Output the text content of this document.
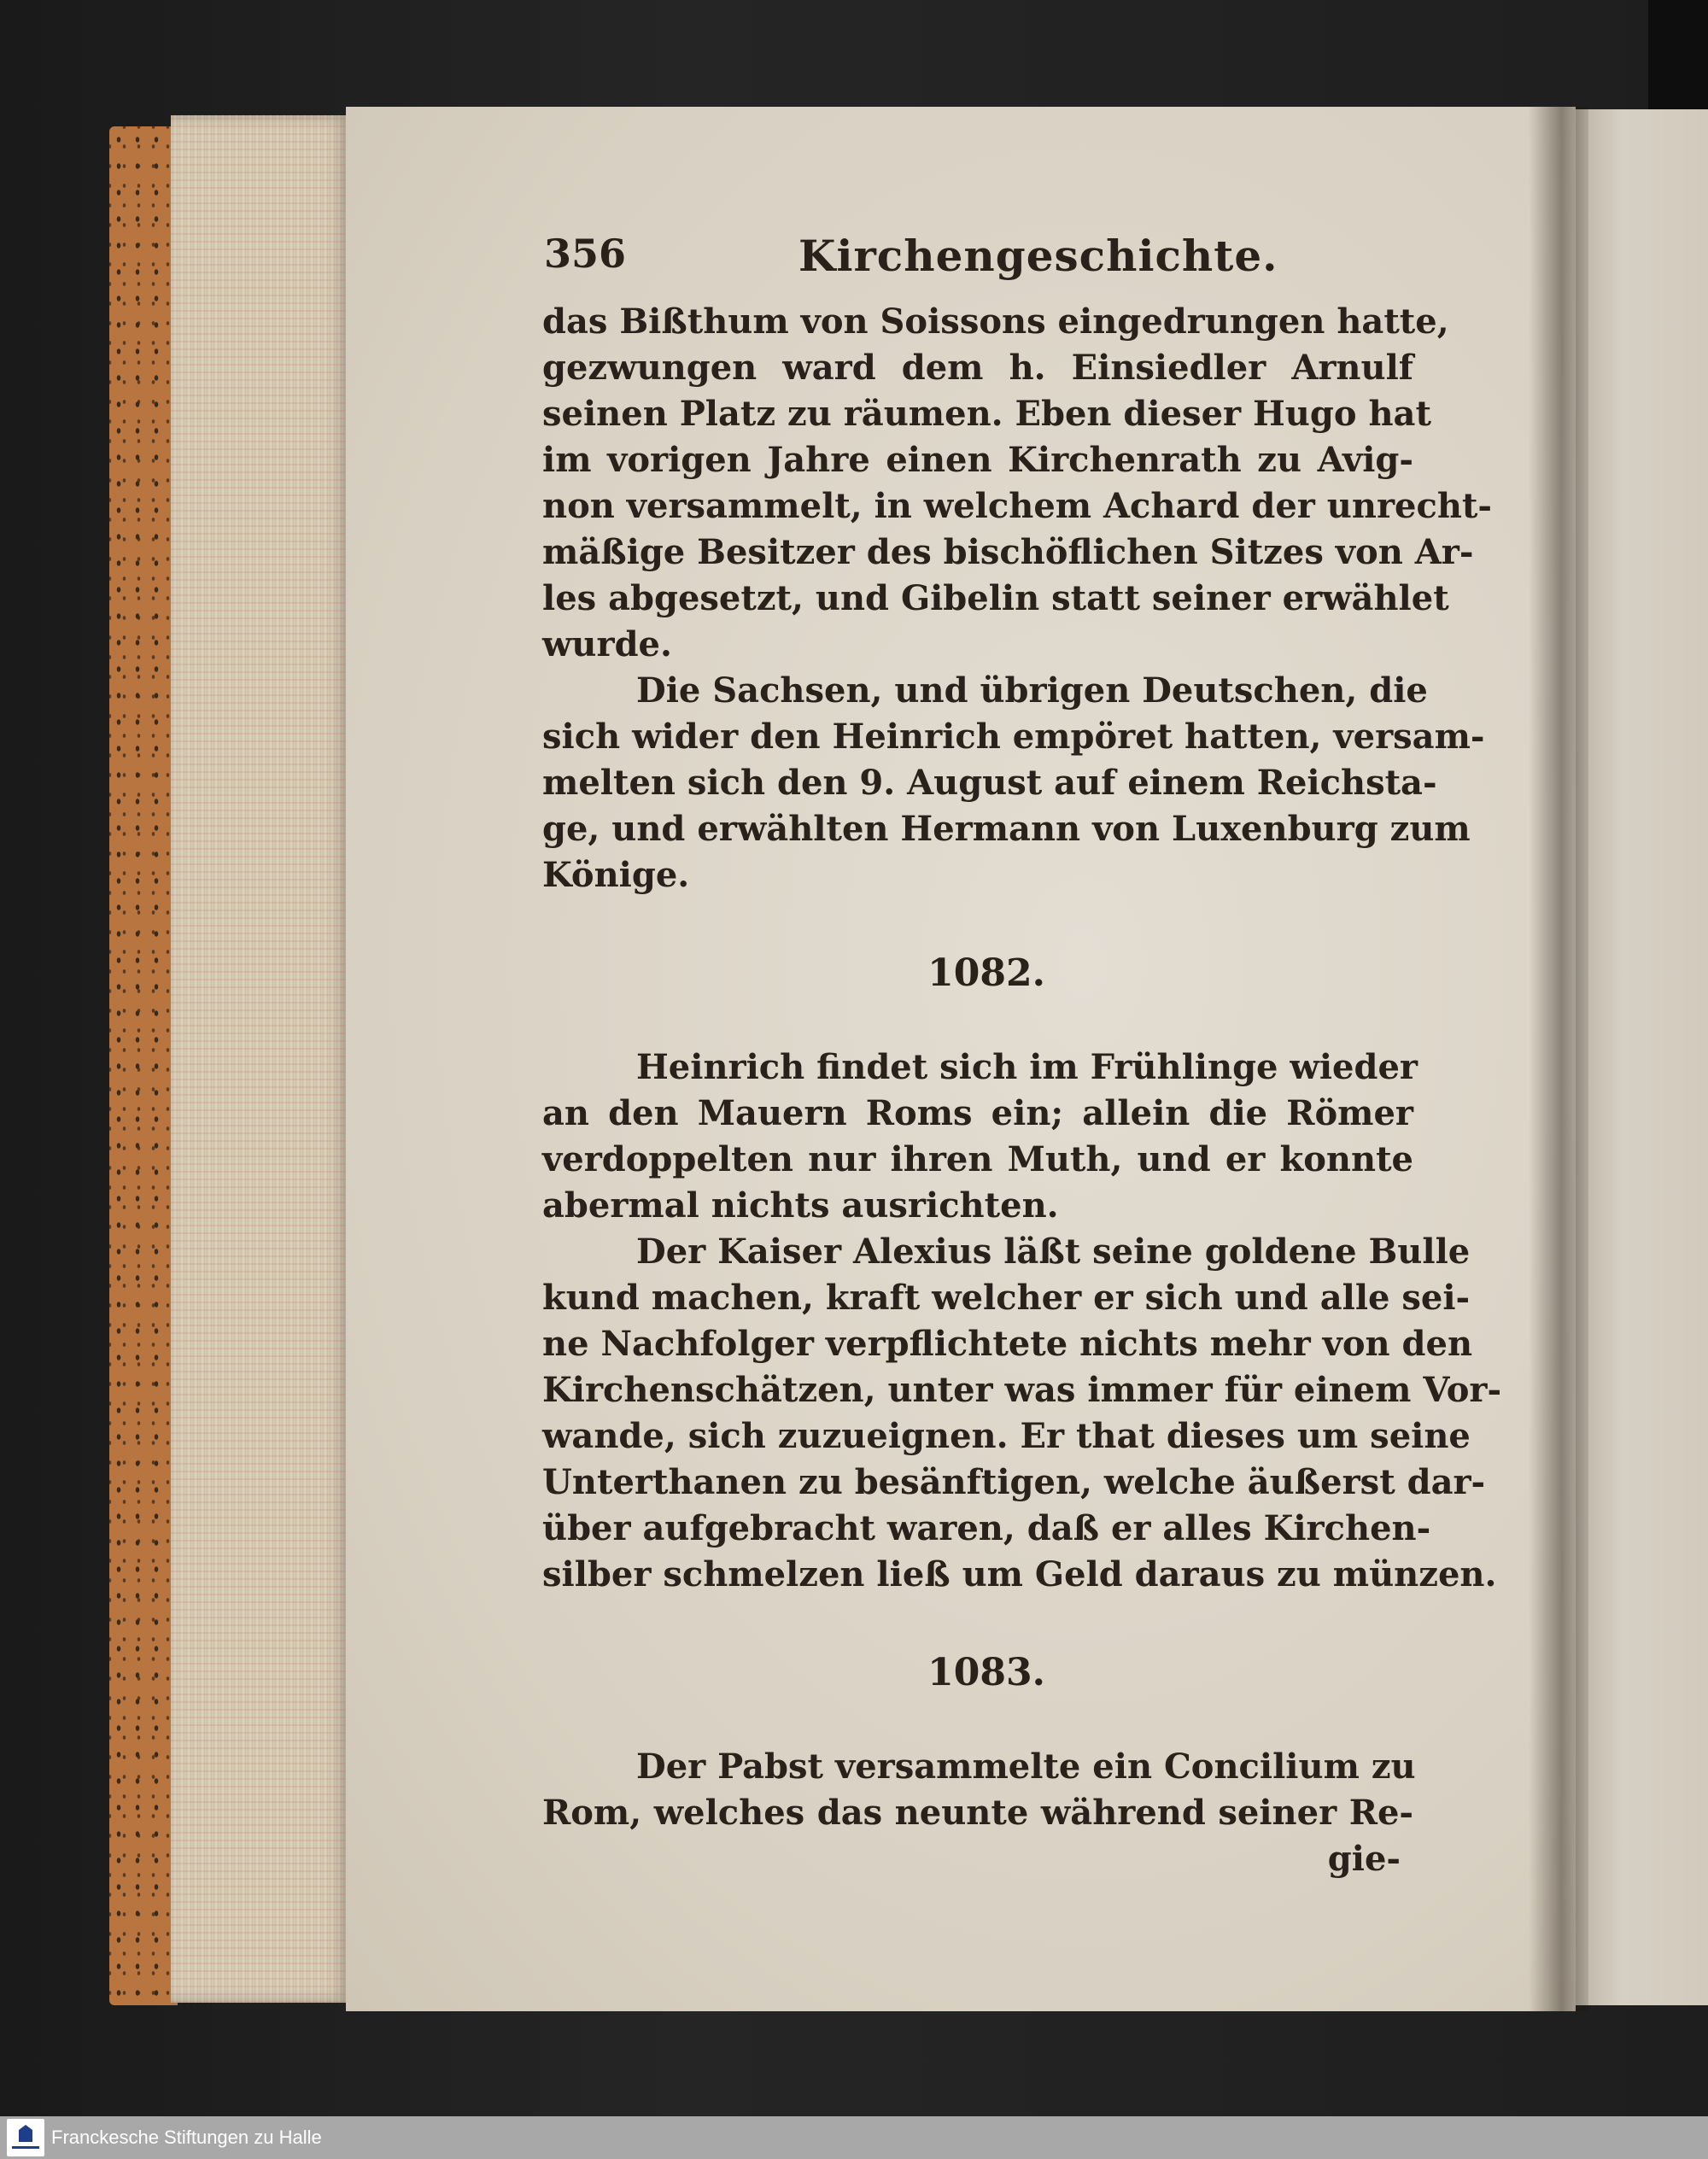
356	Kirchengeschichte.
das Bißthum von Soissons eingedrungen hatte,
gezwungen ward dem h. Einsiedler Arnulf
seinen Platz zu räumen. Eben dieser Hugo hat
im vorigen Jahre einen Kirchenrath zu Avig-
non versammelt, in welchem Achard der unrecht-
mäßige Besitzer des bischöflichen Sitzes von Ar-
les abgesetzt, und Gibelin statt seiner erwählet
wurde.
Die Sachsen, und übrigen Deutschen, die
sich wider den Heinrich empöret hatten, versam-
melten sich den 9. August auf einem Reichsta-
ge, und erwählten Hermann von Luxenburg zum
Könige.
1082.
Heinrich findet sich im Frühlinge wieder
an den Mauern Roms ein; allein die Römer
verdoppelten nur ihren Muth, und er konnte
abermal nichts ausrichten.
Der Kaiser Alexius läßt seine goldene Bulle
kund machen, kraft welcher er sich und alle sei-
ne Nachfolger verpflichtete nichts mehr von den
Kirchenschätzen, unter was immer für einem Vor-
wande, sich zuzueignen. Er that dieses um seine
Unterthanen zu besänftigen, welche äußerst dar-
über aufgebracht waren, daß er alles Kirchen-
silber schmelzen ließ um Geld daraus zu münzen.
1083.
Der Pabst versammelte ein Concilium zu
Rom, welches das neunte während seiner Re-
gie-
Franckesche Stiftungen zu Halle
